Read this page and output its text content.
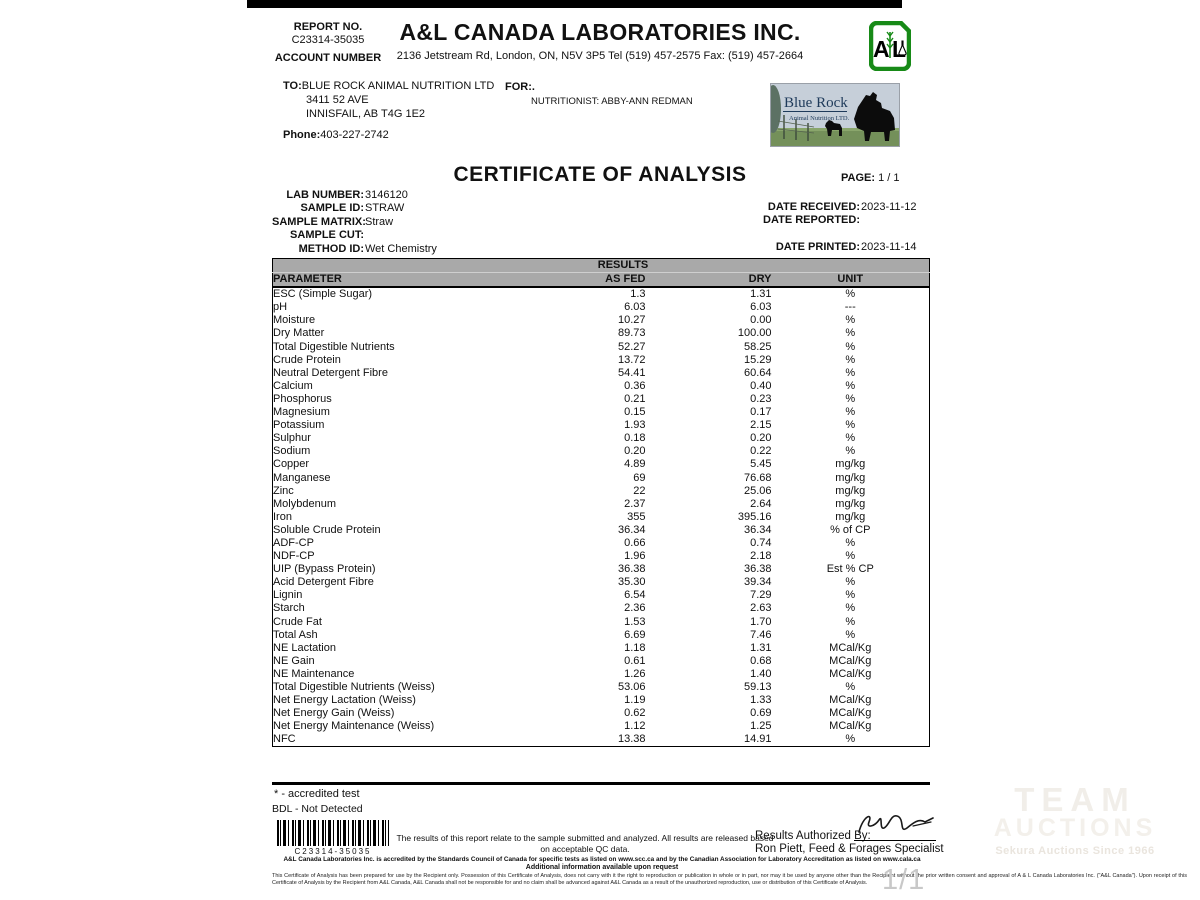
REPORT NO.
C23314-35035
ACCOUNT NUMBER
A&L CANADA LABORATORIES INC.
2136 Jetstream Rd, London, ON, N5V 3P5 Tel (519) 457-2575 Fax: (519) 457-2664	A L
TO:BLUE ROCK ANIMAL NUTRITION LTD
3411 52 AVE
INNISFAIL, AB T4G 1E2
Phone:403-227-2742
FOR:.
NUTRITIONIST: ABBY-ANN REDMAN	Blue Rock
Animal Nutrition LTD.
CERTIFICATE OF ANALYSIS	PAGE: 1 / 1
LAB NUMBER: 3146120
SAMPLE ID: STRAW
SAMPLE MATRIX: Straw
SAMPLE CUT:
METHOD ID: Wet Chemistry
DATE RECEIVED: 2023-11-12
DATE REPORTED:
DATE PRINTED: 2023-11-14
RESULTS			
PARAMETER	AS FED	DRY	UNIT
ESC (Simple Sugar)	1.3	1.31	%
pH	6.03	6.03	---
Moisture	10.27	0.00	%
Dry Matter	89.73	100.00	%
Total Digestible Nutrients	52.27	58.25	%
Crude Protein	13.72	15.29	%
Neutral Detergent Fibre	54.41	60.64	%
Calcium	0.36	0.40	%
Phosphorus	0.21	0.23	%
Magnesium	0.15	0.17	%
Potassium	1.93	2.15	%
Sulphur	0.18	0.20	%
Sodium	0.20	0.22	%
Copper	4.89	5.45	mg/kg
Manganese	69	76.68	mg/kg
Zinc	22	25.06	mg/kg
Molybdenum	2.37	2.64	mg/kg
Iron	355	395.16	mg/kg
Soluble Crude Protein	36.34	36.34	% of CP
ADF-CP	0.66	0.74	%
NDF-CP	1.96	2.18	%
UIP (Bypass Protein)	36.38	36.38	Est % CP
Acid Detergent Fibre	35.30	39.34	%
Lignin	6.54	7.29	%
Starch	2.36	2.63	%
Crude Fat	1.53	1.70	%
Total Ash	6.69	7.46	%
NE Lactation	1.18	1.31	MCal/Kg
NE Gain	0.61	0.68	MCal/Kg
NE Maintenance	1.26	1.40	MCal/Kg
Total Digestible Nutrients (Weiss)	53.06	59.13	%
Net Energy Lactation (Weiss)	1.19	1.33	MCal/Kg
Net Energy Gain (Weiss)	0.62	0.69	MCal/Kg
Net Energy Maintenance (Weiss)	1.12	1.25	MCal/Kg
NFC	13.38	14.91	%
* - accredited test
BDL - Not Detected
C23314-35035
The results of this report relate to the sample submitted and analyzed. All results are released based on acceptable QC data.
Results Authorized By:
Ron Piett, Feed & Forages Specialist
A&L Canada Laboratories Inc. is accredited by the Standards Council of Canada for specific tests as listed on www.scc.ca and by the Canadian Association for Laboratory Accreditation as listed on www.cala.ca
Additional information available upon request
This Certificate of Analysis has been prepared for use by the Recipient only. Possession of this Certificate of Analysis, does not carry with it the right to reproduction or publication in whole or in part, nor may it be used by anyone other than the Recipient without the prior written consent and approval of A & L Canada Laboratories Inc. ("A&L Canada"). Upon receipt of this Certificate of Analysis by the Recipient from A&L Canada, A&L Canada shall not be responsible for and no claim shall be advanced against A&L Canada as a result of the unauthorized reproduction, use or distribution of this Certificate of Analysis.
TEAM
AUCTIONS
Sekura Auctions Since 1966
1/1
